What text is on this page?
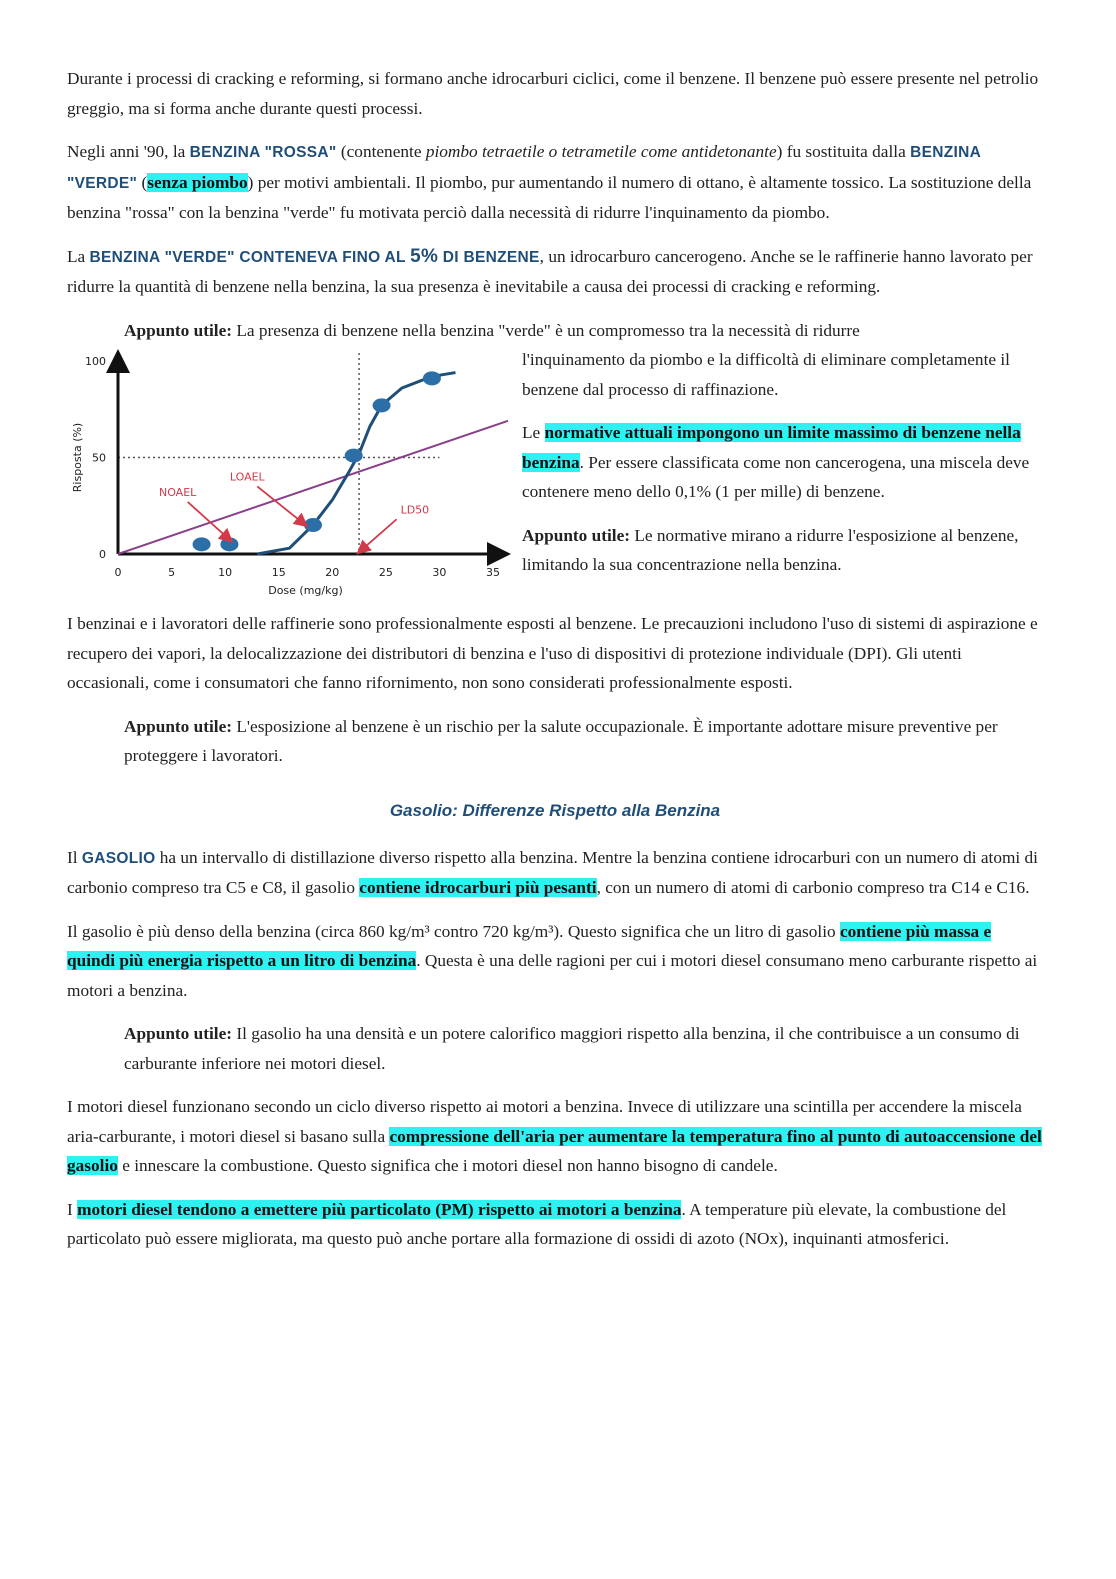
Durante i processi di cracking e reforming, si formano anche idrocarburi ciclici, come il benzene. Il benzene può essere presente nel petrolio greggio, ma si forma anche durante questi processi.

Negli anni '90, la BENZINA "ROSSA" (contenente piombo tetraetile o tetrametile come antidetonante) fu sostituita dalla BENZINA "VERDE" (senza piombo) per motivi ambientali. Il piombo, pur aumentando il numero di ottano, è altamente tossico. La sostituzione della benzina "rossa" con la benzina "verde" fu motivata perciò dalla necessità di ridurre l'inquinamento da piombo.

La BENZINA "VERDE" CONTENEVA FINO AL 5% DI BENZENE, un idrocarburo cancerogeno. Anche se le raffinerie hanno lavorato per ridurre la quantità di benzene nella benzina, la sua presenza è inevitabile a causa dei processi di cracking e reforming.

Appunto utile: La presenza di benzene nella benzina "verde" è un compromesso tra la necessità di ridurre

0	5	10	15	20	25	30	35
0
50
100
Dose (mg/kg)
Risposta (%)
NOAEL
LOAEL
LD50

l'inquinamento da piombo e la difficoltà di eliminare completamente il benzene dal processo di raffinazione.

Le normative attuali impongono un limite massimo di benzene nella benzina. Per essere classificata come non cancerogena, una miscela deve contenere meno dello 0,1% (1 per mille) di benzene.

Appunto utile: Le normative mirano a ridurre l'esposizione al benzene, limitando la sua concentrazione nella benzina.

I benzinai e i lavoratori delle raffinerie sono professionalmente esposti al benzene. Le precauzioni includono l'uso di sistemi di aspirazione e recupero dei vapori, la delocalizzazione dei distributori di benzina e l'uso di dispositivi di protezione individuale (DPI). Gli utenti occasionali, come i consumatori che fanno rifornimento, non sono considerati professionalmente esposti.

Appunto utile: L'esposizione al benzene è un rischio per la salute occupazionale. È importante adottare misure preventive per proteggere i lavoratori.

Gasolio: Differenze Rispetto alla Benzina

Il GASOLIO ha un intervallo di distillazione diverso rispetto alla benzina. Mentre la benzina contiene idrocarburi con un numero di atomi di carbonio compreso tra C5 e C8, il gasolio contiene idrocarburi più pesanti, con un numero di atomi di carbonio compreso tra C14 e C16.

Il gasolio è più denso della benzina (circa 860 kg/m³ contro 720 kg/m³). Questo significa che un litro di gasolio contiene più massa e quindi più energia rispetto a un litro di benzina. Questa è una delle ragioni per cui i motori diesel consumano meno carburante rispetto ai motori a benzina.

Appunto utile: Il gasolio ha una densità e un potere calorifico maggiori rispetto alla benzina, il che contribuisce a un consumo di carburante inferiore nei motori diesel.

I motori diesel funzionano secondo un ciclo diverso rispetto ai motori a benzina. Invece di utilizzare una scintilla per accendere la miscela aria-carburante, i motori diesel si basano sulla compressione dell'aria per aumentare la temperatura fino al punto di autoaccensione del gasolio e innescare la combustione. Questo significa che i motori diesel non hanno bisogno di candele.

I motori diesel tendono a emettere più particolato (PM) rispetto ai motori a benzina. A temperature più elevate, la combustione del particolato può essere migliorata, ma questo può anche portare alla formazione di ossidi di azoto (NOx), inquinanti atmosferici.
